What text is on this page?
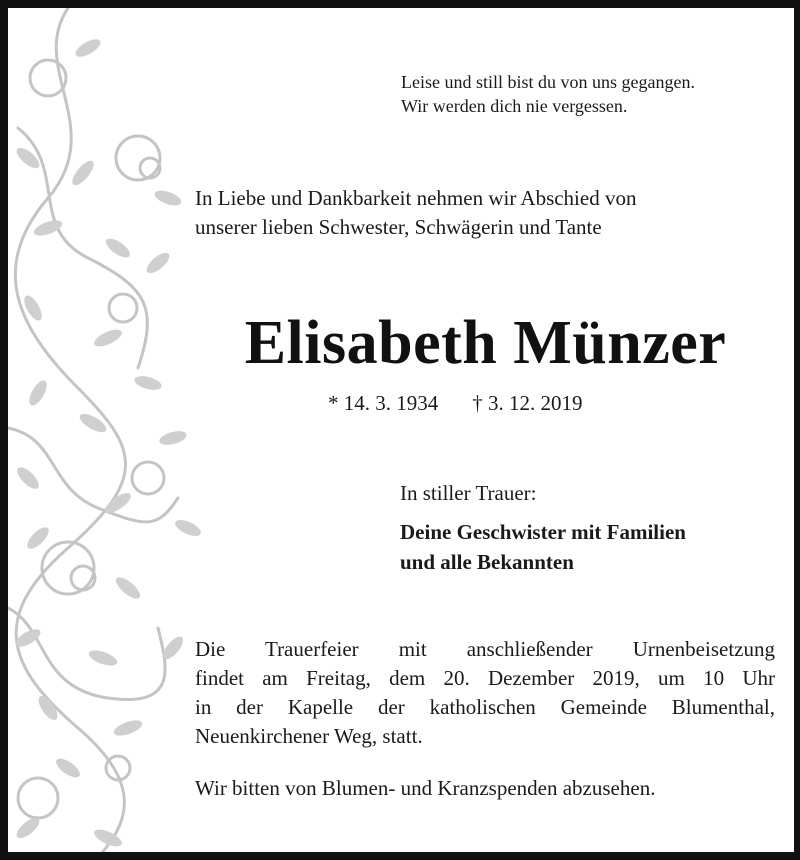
Leise und still bist du von uns gegangen.
Wir werden dich nie vergessen.
In Liebe und Dankbarkeit nehmen wir Abschied von
unserer lieben Schwester, Schwägerin und Tante
Elisabeth Münzer
* 14. 3. 1934 † 3. 12. 2019
In stiller Trauer:
Deine Geschwister mit Familien
und alle Bekannten
Die Trauerfeier mit anschließender Urnenbeisetzung
findet am Freitag, dem 20. Dezember 2019, um 10 Uhr
in der Kapelle der katholischen Gemeinde Blumenthal,
Neuenkirchener Weg, statt.
Wir bitten von Blumen- und Kranzspenden abzusehen.
